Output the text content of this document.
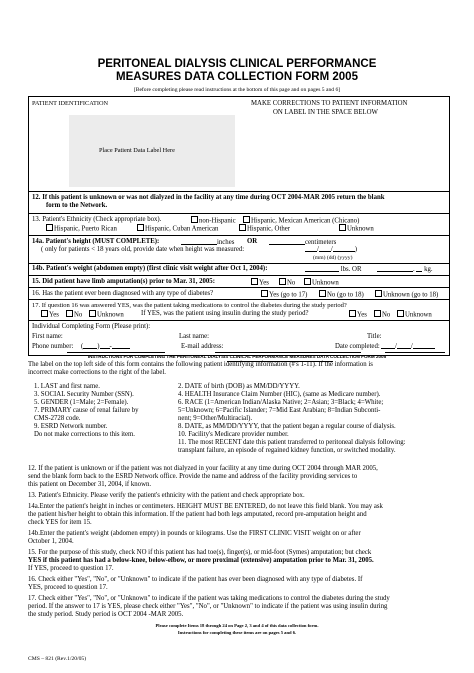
PERITONEAL DIALYSIS CLINICAL PERFORMANCE
MEASURES DATA COLLECTION FORM 2005
[Before completing please read instructions at the bottom of this page and on pages 5 and 6]
PATIENT IDENTIFICATION	MAKE CORRECTIONS TO PATIENT INFORMATION
ON LABEL IN THE SPACE BELOW
Place Patient Data Label Here
12. If this patient is unknown or was not dialyzed in the facility at any time during OCT 2004-MAR 2005 return the blank
form to the Network.
13. Patient's Ethnicity (Check appropriate box).	non-Hispanic	Hispanic, Mexican American (Chicano)
Hispanic, Puerto Rican	Hispanic, Cuban American	Hispanic, Other	Unknown
14a. Patient's height (MUST COMPLETE):	inches OR	centimeters
( only for patients < 18 years old, provide date when height was measured:	/ /	)
(mm) (dd) (yyyy)
14b. Patient's weight (abdomen empty) (first clinic visit weight after Oct 1, 2004):	lbs. OR	.  kg.
15. Did patient have limb amputation(s) prior to Mar. 31, 2005:	Yes	No	Unknown
16. Has the patient ever been diagnosed with any type of diabetes?	Yes (go to 17)	No (go to 18)	Unknown (go to 18)
17. If question 16 was answered YES, was the patient taking medications to control the diabetes during the study period?
Yes	No	Unknown	If YES, was the patient using insulin during the study period?	Yes	No	Unknown
Individual Completing Form (Please print):
First name:	Last name:	Title:
Phone number: ( ) -	E-mail address:	Date completed:	/ /
INSTRUCTIONS FOR COMPLETING THE PERITONEAL DIALYSIS CLINICAL PERFORMANCE MEASURES DATA COLLECTION FORM 2005
The label on the top left side of this form contains the following patient identifying information (#'s 1-11). If the information is
incorrect make corrections to the right of the label.
1. LAST and first name.
3. SOCIAL Security Number (SSN).
5. GENDER (1=Male; 2=Female).
7. PRIMARY cause of renal failure by
CMS-2728 code.
9. ESRD Network number.
Do not make corrections to this item.
2. DATE of birth (DOB) as MM/DD/YYYY.
4. HEALTH Insurance Claim Number (HIC), (same as Medicare number).
6. RACE (1=American Indian/Alaska Native; 2=Asian; 3=Black; 4=White;
5=Unknown; 6=Pacific Islander; 7=Mid East Arabian; 8=Indian Subconti-
nent; 9=Other/Multiracial).
8. DATE, as MM/DD/YYYY, that the patient began a regular course of dialysis.
10. Facility's Medicare provider number.
11. The most RECENT date this patient transferred to peritoneal dialysis following:
transplant failure, an episode of regained kidney function, or switched modality.
12. If the patient is unknown or if the patient was not dialyzed in your facility at any time during OCT 2004 through MAR 2005,
send the blank form back to the ESRD Network office. Provide the name and address of the facility providing services to
this patient on December 31, 2004, if known.
13. Patient's Ethnicity. Please verify the patient's ethnicity with the patient and check appropriate box.
14a.Enter the patient's height in inches or centimeters. HEIGHT MUST BE ENTERED, do not leave this field blank. You may ask
the patient his/her height to obtain this information. If the patient had both legs amputated, record pre-amputation height and
check YES for item 15.
14b.Enter the patient's weight (abdomen empty) in pounds or kilograms. Use the FIRST CLINIC VISIT weight on or after
October 1, 2004.
15. For the purpose of this study, check NO if this patient has had toe(s), finger(s), or mid-foot (Symes) amputation; but check
YES if this patient has had a below-knee, below-elbow, or more proximal (extensive) amputation prior to Mar. 31, 2005.
If YES, proceed to question 17.
16. Check either "Yes", "No", or "Unknown" to indicate if the patient has ever been diagnosed with any type of diabetes. If
YES, proceed to question 17.
17. Check either "Yes", "No", or "Unknown" to indicate if the patient was taking medications to control the diabetes during the study
period. If the answer to 17 is YES, please check either "Yes", "No", or "Unknown" to indicate if the patient was using insulin during
the study period. Study period is OCT 2004 -MAR 2005.
Please complete Items 18 through 24 on Page 2, 3 and 4 of this data collection form.
Instructions for completing these items are on pages 5 and 6.
CMS – 821 (Rev.1/20/05)
